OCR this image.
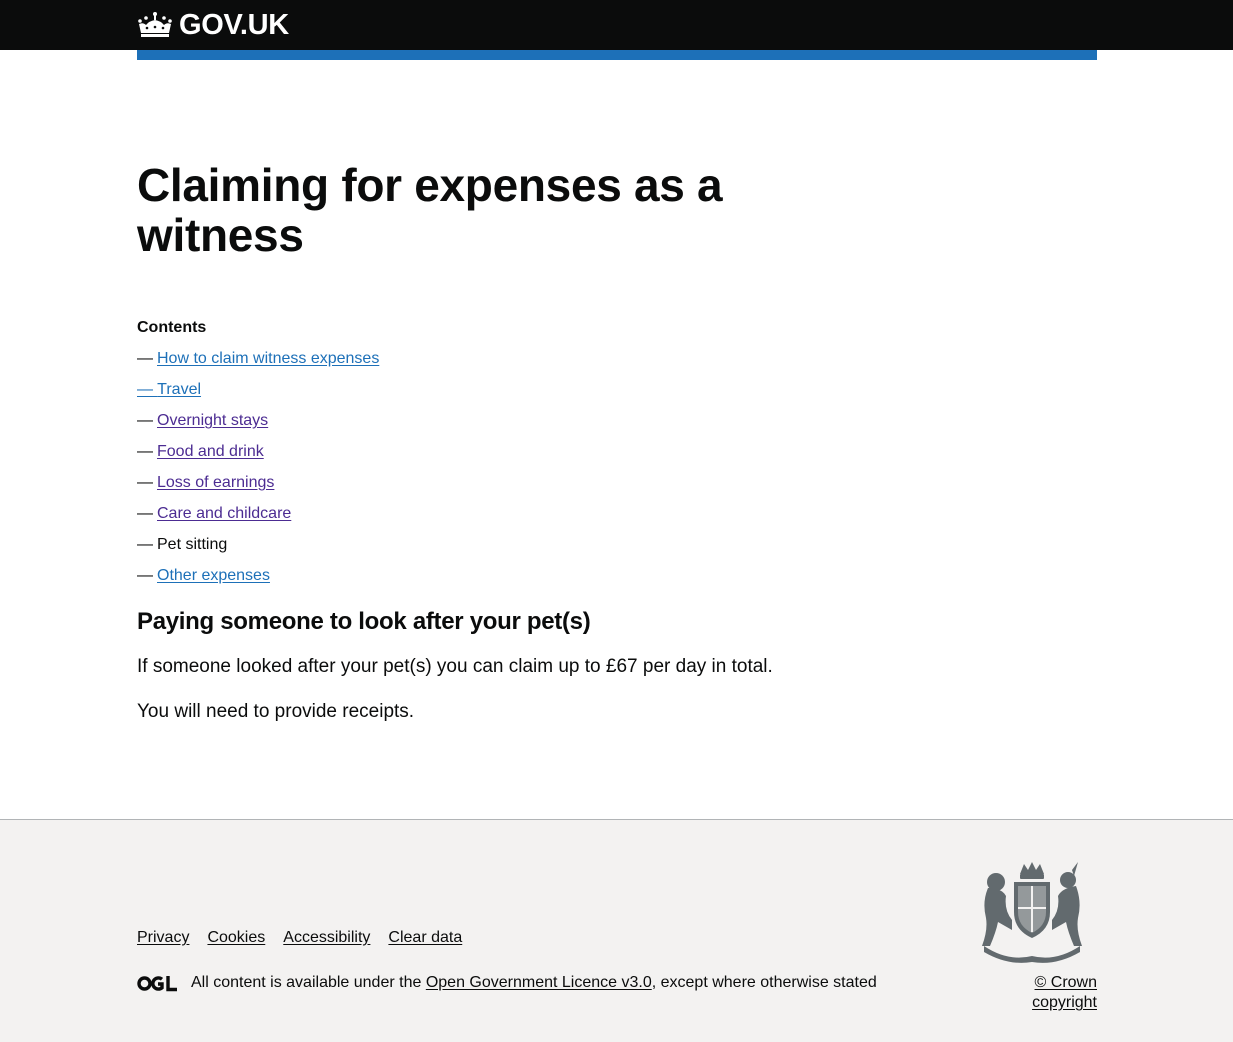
GOV.UK
Claiming for expenses as a witness
Contents
— How to claim witness expenses
— Travel
— Overnight stays
— Food and drink
— Loss of earnings
— Care and childcare
— Pet sitting
— Other expenses
Paying someone to look after your pet(s)

If someone looked after your pet(s) you can claim up to £67 per day in total.

You will need to provide receipts.

Privacy Cookies Accessibility Clear data
All content is available under the Open Government Licence v3.0, except where otherwise stated	© Crown copyright
